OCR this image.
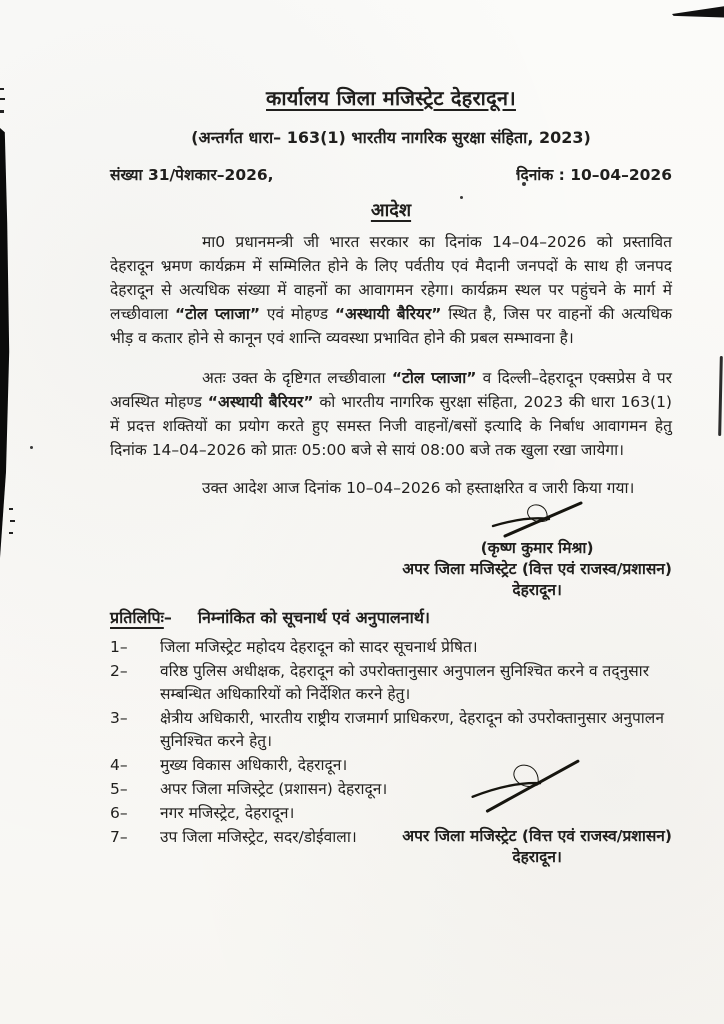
कार्यालय जिला मजिस्ट्रेट देहरादून।
(अन्तर्गत धारा– 163(1) भारतीय नागरिक सुरक्षा संहिता, 2023)
संख्या 31/पेशकार–2026,	दिनांक : 10–04–2026
आदेश

मा0 प्रधानमन्त्री जी भारत सरकार का दिनांक 14–04–2026 को प्रस्तावित देहरादून भ्रमण कार्यक्रम में सम्मिलित होने के लिए पर्वतीय एवं मैदानी जनपदों के साथ ही जनपद देहरादून से अत्यधिक संख्या में वाहनों का आवागमन रहेगा। कार्यक्रम स्थल पर पहुंचने के मार्ग में लच्छीवाला “टोल प्लाजा” एवं मोहण्ड “अस्थायी बैरियर” स्थित है, जिस पर वाहनों की अत्यधिक भीड़ व कतार होने से कानून एवं शान्ति व्यवस्था प्रभावित होने की प्रबल सम्भावना है।

अतः उक्त के दृष्टिगत लच्छीवाला “टोल प्लाजा” व दिल्ली–देहरादून एक्सप्रेस वे पर अवस्थित मोहण्ड “अस्थायी बैरियर” को भारतीय नागरिक सुरक्षा संहिता, 2023 की धारा 163(1) में प्रदत्त शक्तियों का प्रयोग करते हुए समस्त निजी वाहनों/बसों इत्यादि के निर्बाध आवागमन हेतु दिनांक 14–04–2026 को प्रातः 05:00 बजे से सायं 08:00 बजे तक खुला रखा जायेगा।

उक्त आदेश आज दिनांक 10–04–2026 को हस्ताक्षरित व जारी किया गया।

(कृष्ण कुमार मिश्रा)
अपर जिला मजिस्ट्रेट (वित्त एवं राजस्व/प्रशासन)
देहरादून।
प्रतिलिपिः– निम्नांकित को सूचनार्थ एवं अनुपालनार्थ।
1–	जिला मजिस्ट्रेट महोदय देहरादून को सादर सूचनार्थ प्रेषित।
2–	वरिष्ठ पुलिस अधीक्षक, देहरादून को उपरोक्तानुसार अनुपालन सुनिश्चित करने व तद्नुसार सम्बन्धित अधिकारियों को निर्देशित करने हेतु।
3–	क्षेत्रीय अधिकारी, भारतीय राष्ट्रीय राजमार्ग प्राधिकरण, देहरादून को उपरोक्तानुसार अनुपालन सुनिश्चित करने हेतु।
4–	मुख्य विकास अधिकारी, देहरादून।
5–	अपर जिला मजिस्ट्रेट (प्रशासन) देहरादून।
6–	नगर मजिस्ट्रेट, देहरादून।
7–	उप जिला मजिस्ट्रेट, सदर/डोईवाला।	अपर जिला मजिस्ट्रेट (वित्त एवं राजस्व/प्रशासन)
देहरादून।
